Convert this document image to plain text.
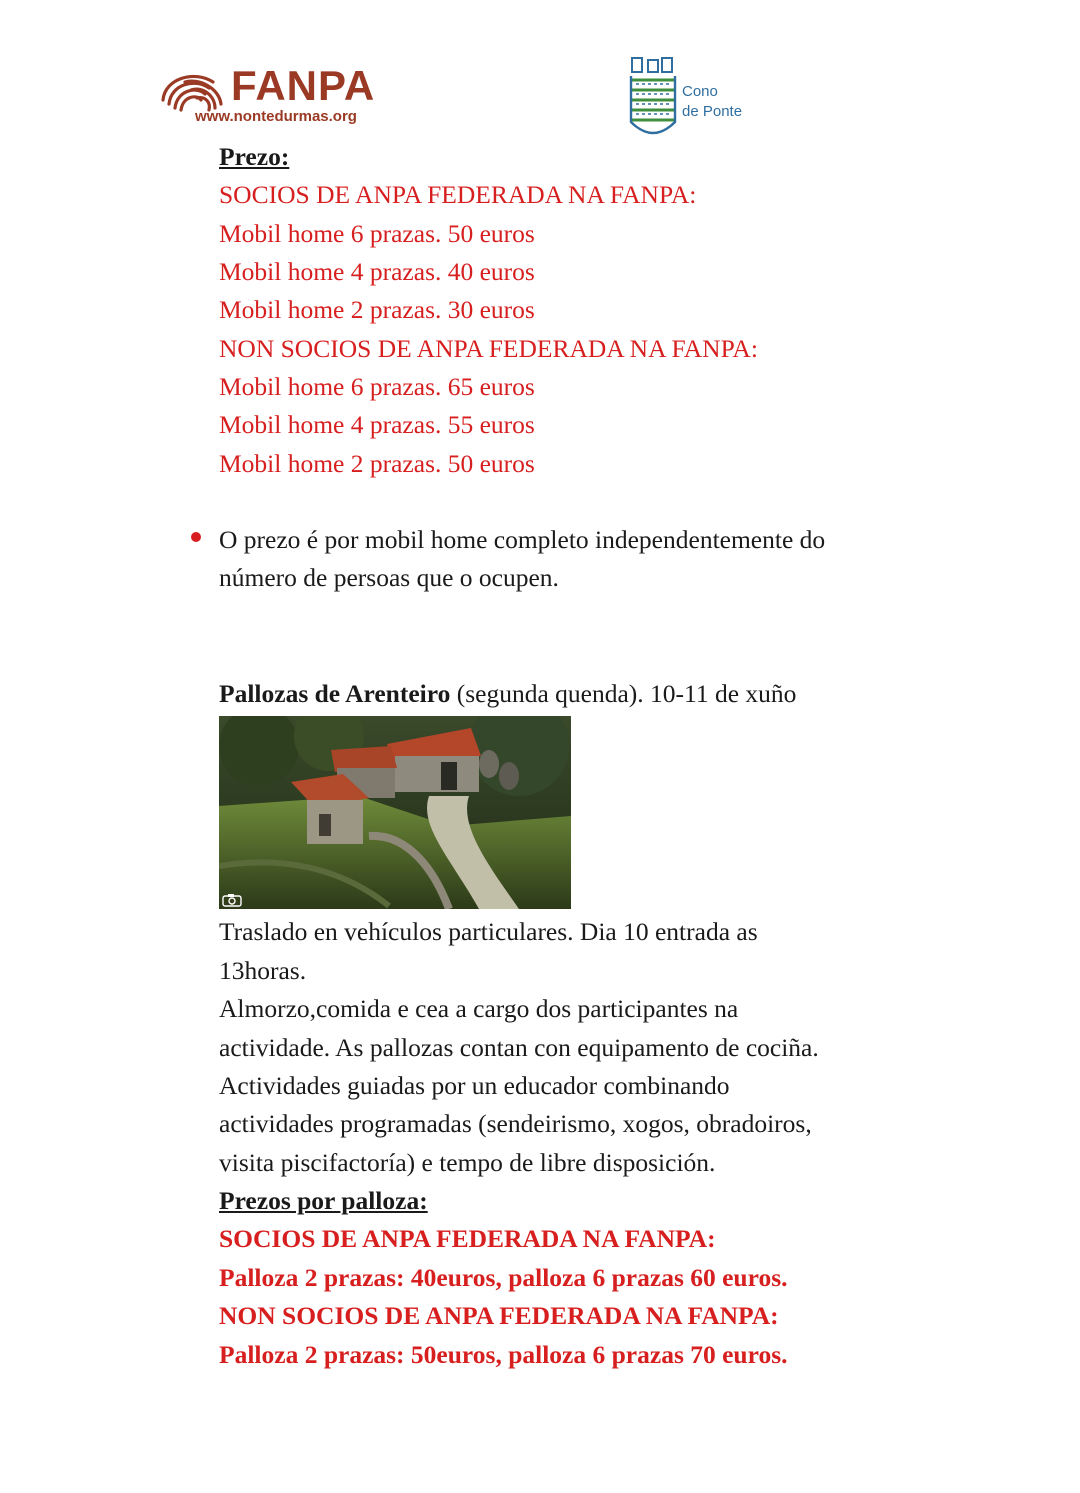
FANPA
www.nontedurmas.org
Cono
de Ponte
Prezo:
SOCIOS DE ANPA FEDERADA NA FANPA:
Mobil home 6 prazas. 50 euros
Mobil home 4 prazas. 40 euros
Mobil home 2 prazas. 30 euros
NON SOCIOS DE ANPA FEDERADA NA FANPA:
Mobil home 6 prazas. 65 euros
Mobil home 4 prazas. 55 euros
Mobil home 2 prazas. 50 euros
O prezo é por mobil home completo independentemente do
número de persoas que o ocupen.
Pallozas de Arenteiro (segunda quenda). 10-11 de xuño
Traslado en vehículos particulares. Dia 10 entrada as
13horas.
Almorzo,comida e cea a cargo dos participantes na
actividade. As pallozas contan con equipamento de cociña.
Actividades guiadas por un educador combinando
actividades programadas (sendeirismo, xogos, obradoiros,
visita piscifactoría) e tempo de libre disposición.
Prezos por palloza:
SOCIOS DE ANPA FEDERADA NA FANPA:
Palloza 2 prazas: 40euros, palloza 6 prazas 60 euros.
NON SOCIOS DE ANPA FEDERADA NA FANPA:
Palloza 2 prazas: 50euros, palloza 6 prazas 70 euros.
